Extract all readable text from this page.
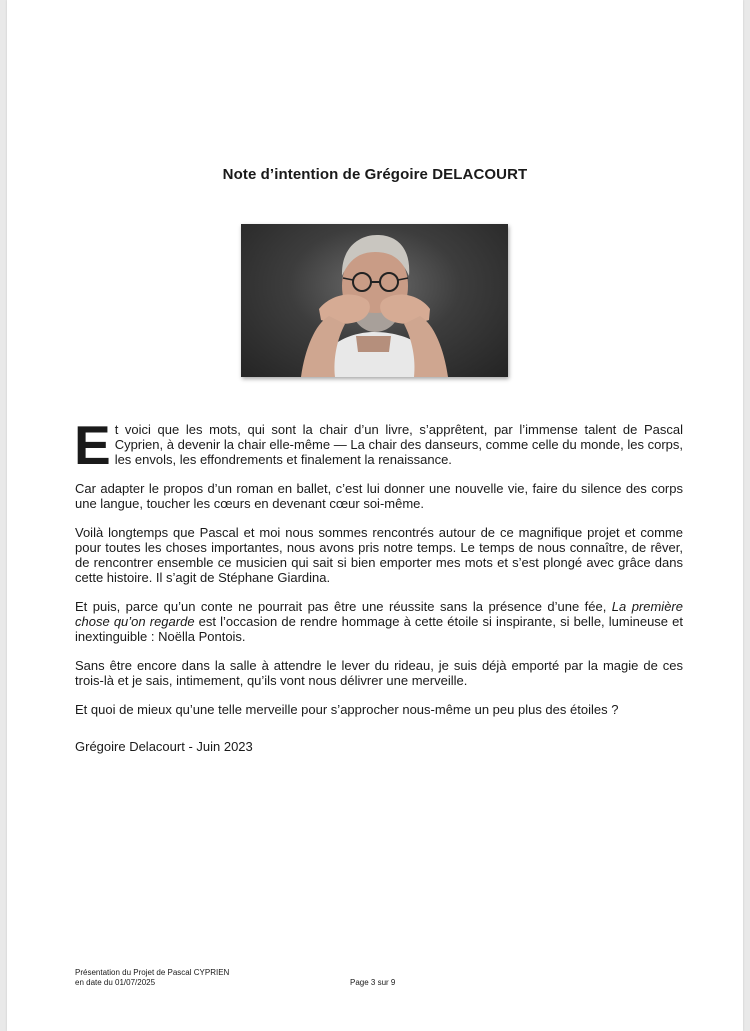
Note d’intention de Grégoire DELACOURT

Et voici que les mots, qui sont la chair d’un livre, s’apprêtent, par l’immense talent de Pascal Cyprien, à devenir la chair elle-même — La chair des danseurs, comme celle du monde, les corps, les envols, les effondrements et finalement la renaissance.

Car adapter le propos d’un roman en ballet, c’est lui donner une nouvelle vie, faire du silence des corps une langue, toucher les cœurs en devenant cœur soi-même.

Voilà longtemps que Pascal et moi nous sommes rencontrés autour de ce magnifique projet et comme pour toutes les choses importantes, nous avons pris notre temps. Le temps de nous connaître, de rêver, de rencontrer ensemble ce musicien qui sait si bien emporter mes mots et s’est plongé avec grâce dans cette histoire. Il s’agit de Stéphane Giardina.

Et puis, parce qu’un conte ne pourrait pas être une réussite sans la présence d’une fée, La première chose qu’on regarde est l’occasion de rendre hommage à cette étoile si inspirante, si belle, lumineuse et inextinguible : Noëlla Pontois.

Sans être encore dans la salle à attendre le lever du rideau, je suis déjà emporté par la magie de ces trois-là et je sais, intimement, qu’ils vont nous délivrer une merveille.

Et quoi de mieux qu’une telle merveille pour s’approcher nous-même un peu plus des étoiles ?

Grégoire Delacourt - Juin 2023

Présentation du Projet de Pascal CYPRIEN
en date du 01/07/2025	Page 3 sur 9
